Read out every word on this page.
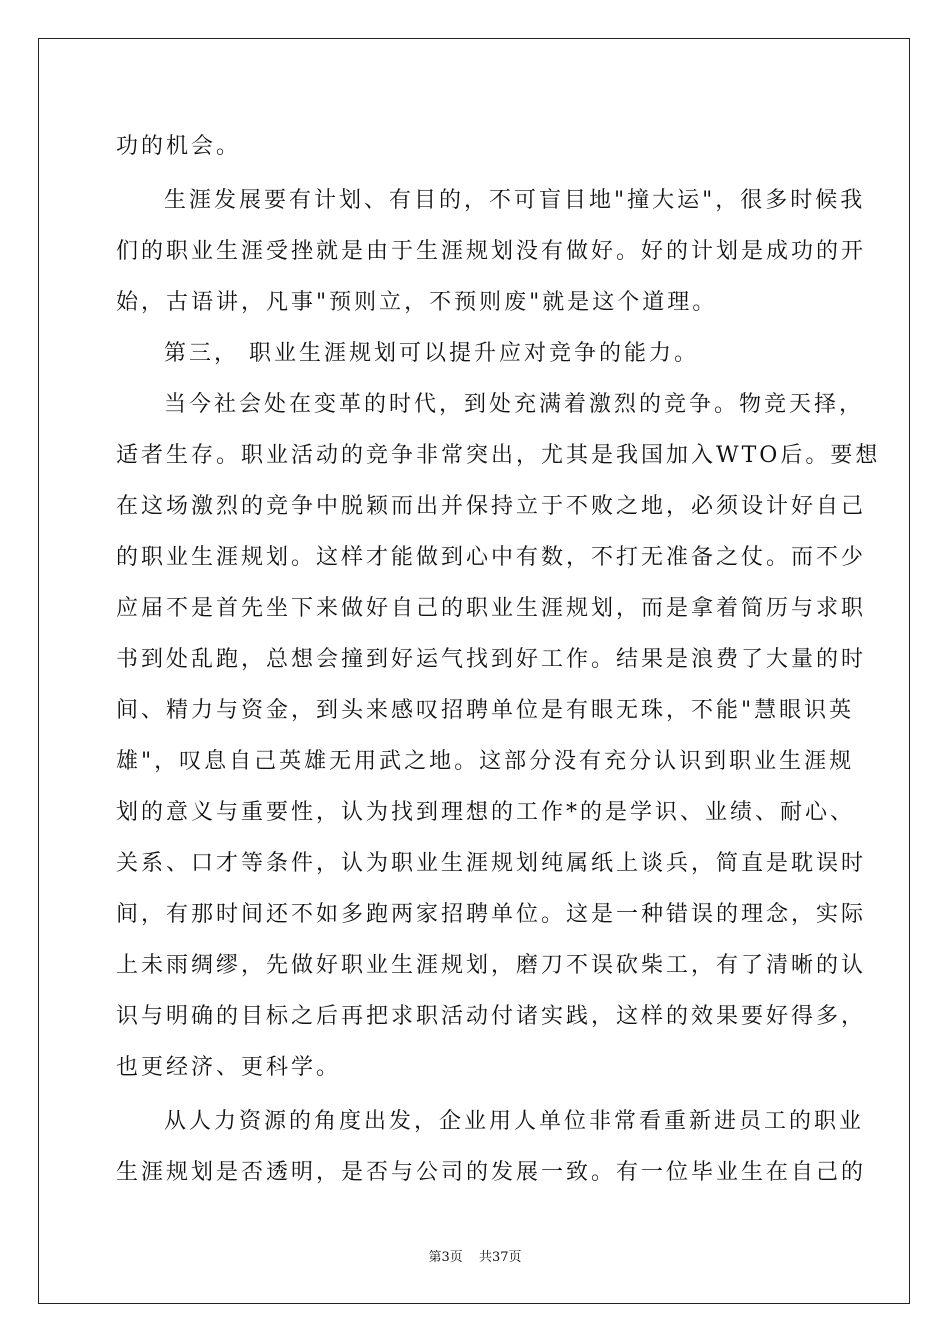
功的机会。
生涯发展要有计划、有目的，不可盲目地"撞大运"，很多时候我
们的职业生涯受挫就是由于生涯规划没有做好。好的计划是成功的开
始，古语讲，凡事"预则立，不预则废"就是这个道理。
第三， 职业生涯规划可以提升应对竞争的能力。
当今社会处在变革的时代，到处充满着激烈的竞争。物竞天择，
适者生存。职业活动的竞争非常突出，尤其是我国加入WTO后。要想
在这场激烈的竞争中脱颖而出并保持立于不败之地，必须设计好自己
的职业生涯规划。这样才能做到心中有数，不打无准备之仗。而不少
应届不是首先坐下来做好自己的职业生涯规划，而是拿着简历与求职
书到处乱跑，总想会撞到好运气找到好工作。结果是浪费了大量的时
间、精力与资金，到头来感叹招聘单位是有眼无珠，不能"慧眼识英
雄"，叹息自己英雄无用武之地。这部分没有充分认识到职业生涯规
划的意义与重要性，认为找到理想的工作*的是学识、业绩、耐心、
关系、口才等条件，认为职业生涯规划纯属纸上谈兵，简直是耽误时
间，有那时间还不如多跑两家招聘单位。这是一种错误的理念，实际
上未雨绸缪，先做好职业生涯规划，磨刀不误砍柴工，有了清晰的认
识与明确的目标之后再把求职活动付诸实践，这样的效果要好得多，
也更经济、更科学。
从人力资源的角度出发，企业用人单位非常看重新进员工的职业
生涯规划是否透明，是否与公司的发展一致。有一位毕业生在自己的
第3页 共37页
